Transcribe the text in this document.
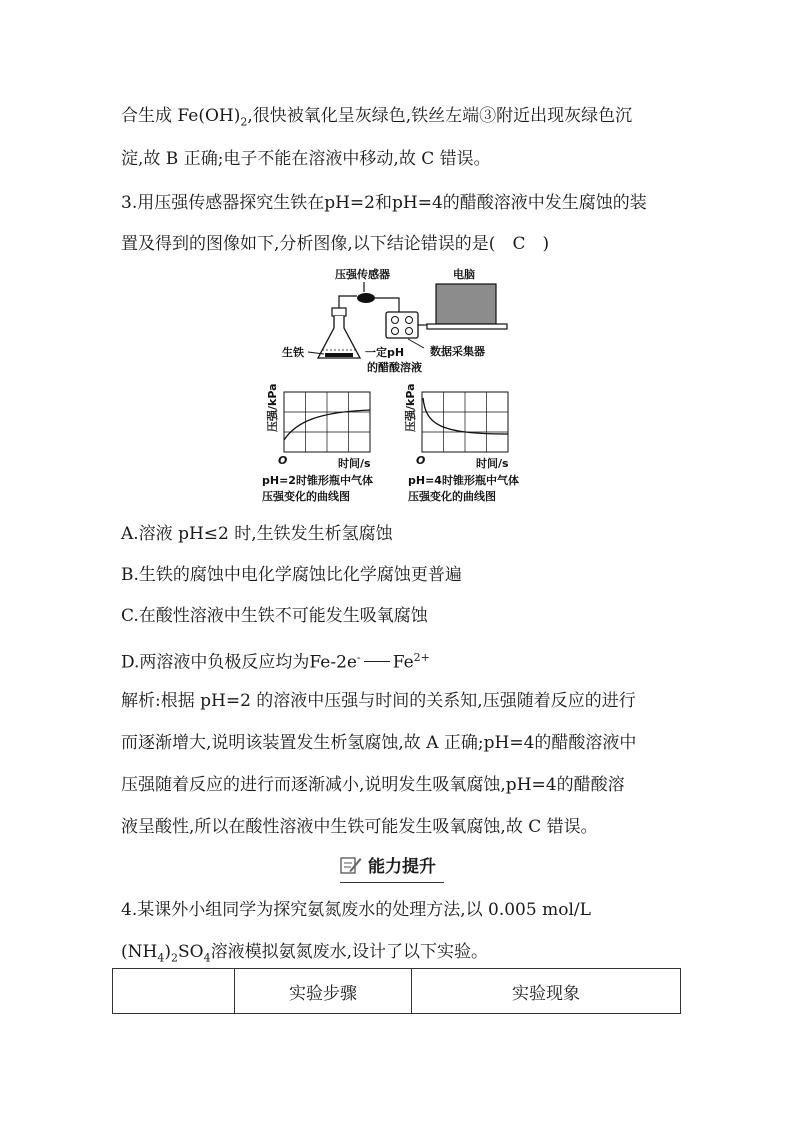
合生成 $Fe(OH)_2$,很快被氧化呈灰绿色,铁丝左端③附近出现灰绿色沉
淀,故 B 正确;电子不能在溶液中移动,故 C 错误。
3.用压强传感器探究生铁在pH=2和pH=4的醋酸溶液中发生腐蚀的装
置及得到的图像如下,分析图像,以下结论错误的是(　C　)
压强传感器
生铁	一定pH
的醋酸溶液
数据采集器
电脑
压强/kPa
O	时间/s
pH=2时锥形瓶中气体
压强变化的曲线图
压强/kPa
O	时间/s
pH=4时锥形瓶中气体
压强变化的曲线图
A.溶液 pH≤2 时,生铁发生析氢腐蚀
B.生铁的腐蚀中电化学腐蚀比化学腐蚀更普遍
C.在酸性溶液中生铁不可能发生吸氧腐蚀
D.两溶液中负极反应均为Fe-2e- $Fe^{2+}$
解析:根据 pH=2 的溶液中压强与时间的关系知,压强随着反应的进行
而逐渐增大,说明该装置发生析氢腐蚀,故 A 正确;pH=4的醋酸溶液中
压强随着反应的进行而逐渐减小,说明发生吸氧腐蚀,pH=4的醋酸溶
液呈酸性,所以在酸性溶液中生铁可能发生吸氧腐蚀,故 C 错误。
能力提升
4.某课外小组同学为探究氨氮废水的处理方法,以 0.005 mol/L
$(NH_4)_2SO_4$溶液模拟氨氮废水,设计了以下实验。
	实验步骤	实验现象
